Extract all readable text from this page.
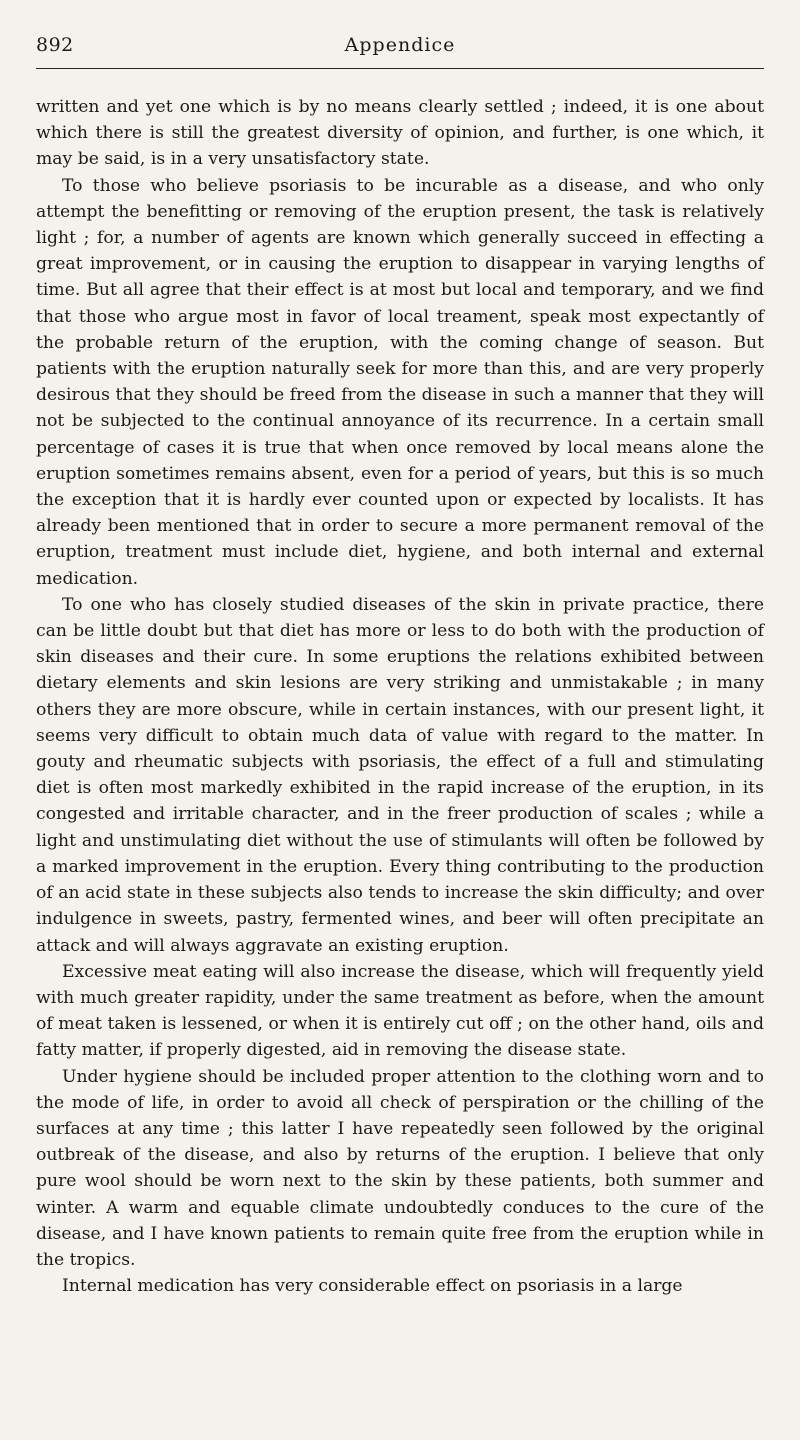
892	Appendice

written and yet one which is by no means clearly settled ; indeed, it is one about which there is still the greatest diversity of opinion, and further, is one which, it may be said, is in a very unsatisfactory state.

To those who believe psoriasis to be incurable as a disease, and who only attempt the benefitting or removing of the eruption present, the task is relatively light ; for, a number of agents are known which generally succeed in effecting a great improvement, or in causing the eruption to disappear in varying lengths of time. But all agree that their effect is at most but local and temporary, and we find that those who argue most in favor of local treament, speak most expectantly of the probable return of the eruption, with the coming change of season. But patients with the eruption naturally seek for more than this, and are very properly desirous that they should be freed from the disease in such a manner that they will not be subjected to the continual annoyance of its recurrence. In a certain small percentage of cases it is true that when once removed by local means alone the eruption sometimes remains absent, even for a period of years, but this is so much the exception that it is hardly ever counted upon or expected by localists. It has already been mentioned that in order to secure a more permanent removal of the eruption, treatment must include diet, hygiene, and both internal and external medication.

To one who has closely studied diseases of the skin in private practice, there can be little doubt but that diet has more or less to do both with the production of skin diseases and their cure. In some eruptions the relations exhibited between dietary elements and skin lesions are very striking and unmistakable ; in many others they are more obscure, while in certain instances, with our present light, it seems very difficult to obtain much data of value with regard to the matter. In gouty and rheumatic subjects with psoriasis, the effect of a full and stimulating diet is often most markedly exhibited in the rapid increase of the eruption, in its congested and irritable character, and in the freer production of scales ; while a light and unstimulating diet without the use of stimulants will often be followed by a marked improvement in the eruption. Every thing contributing to the production of an acid state in these subjects also tends to increase the skin difficulty; and over indulgence in sweets, pastry, fermented wines, and beer will often precipitate an attack and will always aggravate an existing eruption.

Excessive meat eating will also increase the disease, which will frequently yield with much greater rapidity, under the same treatment as before, when the amount of meat taken is lessened, or when it is entirely cut off ; on the other hand, oils and fatty matter, if properly digested, aid in removing the disease state.

Under hygiene should be included proper attention to the clothing worn and to the mode of life, in order to avoid all check of perspiration or the chilling of the surfaces at any time ; this latter I have repeatedly seen followed by the original outbreak of the disease, and also by returns of the eruption. I believe that only pure wool should be worn next to the skin by these patients, both summer and winter. A warm and equable climate undoubtedly conduces to the cure of the disease, and I have known patients to remain quite free from the eruption while in the tropics.

Internal medication has very considerable effect on psoriasis in a large
